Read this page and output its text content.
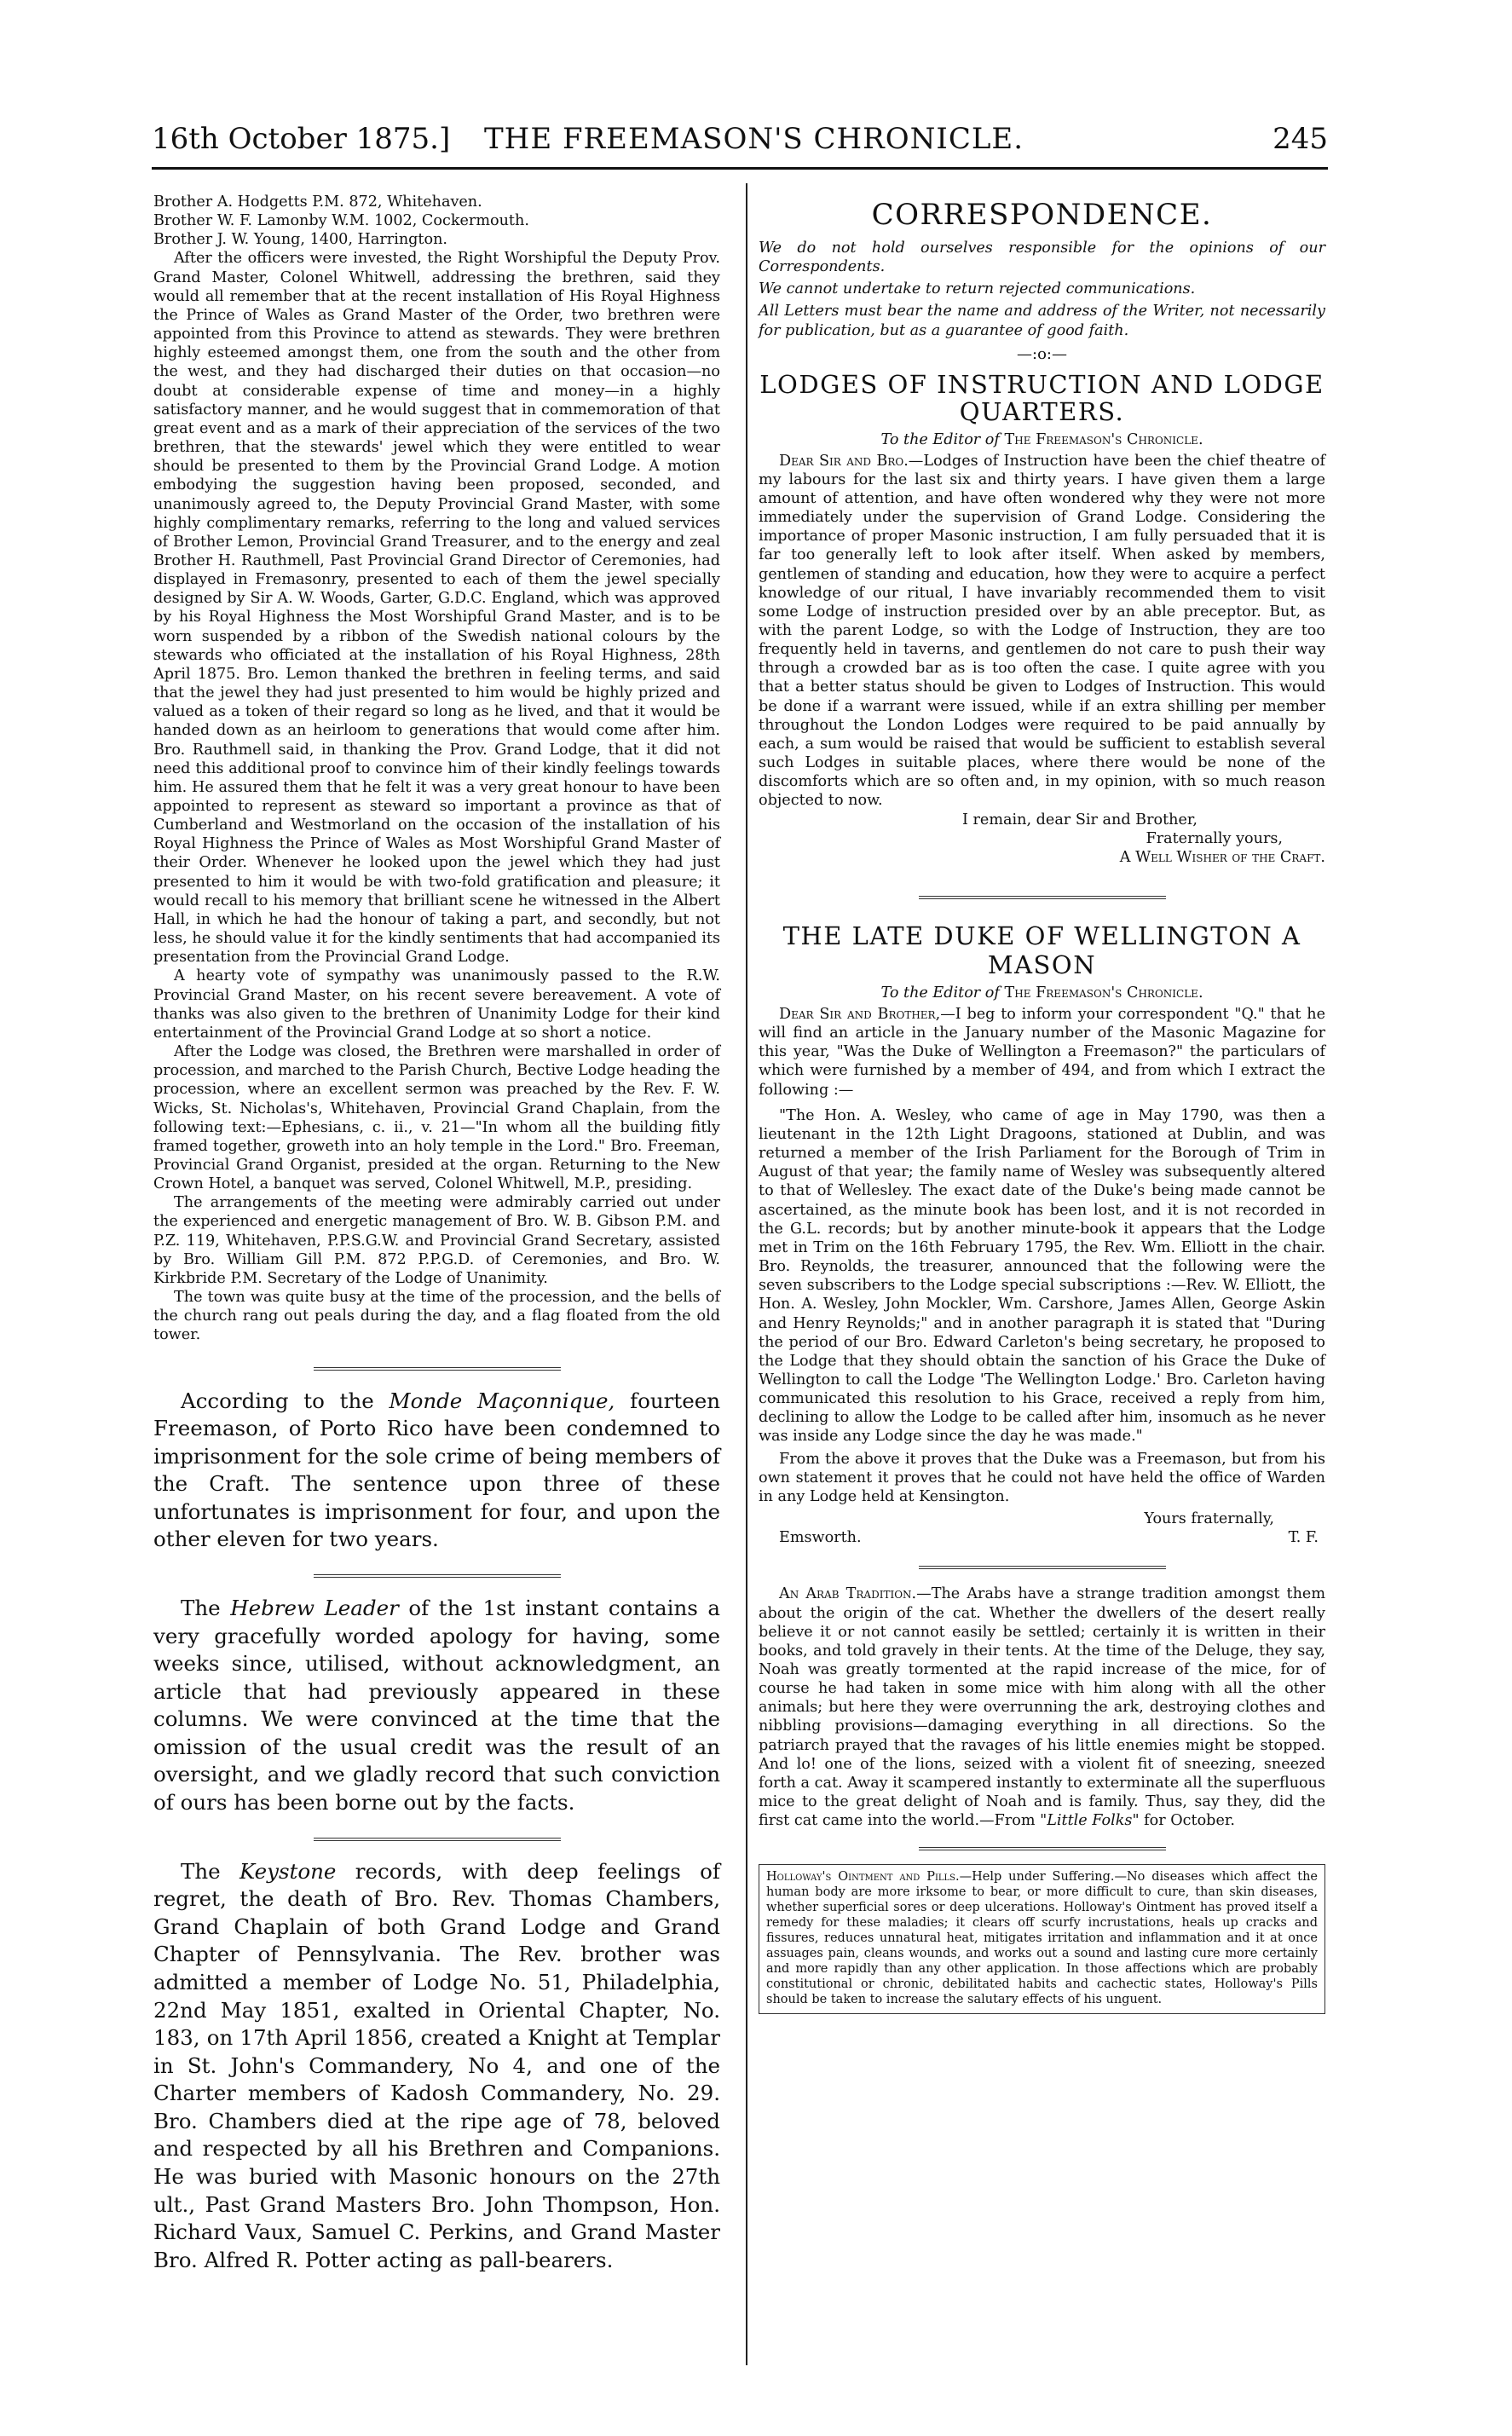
16th October 1875.] THE FREEMASON'S CHRONICLE.	245

Brother A. Hodgetts P.M. 872, Whitehaven.

Brother W. F. Lamonby W.M. 1002, Cockermouth.

Brother J. W. Young, 1400, Harrington.

After the officers were invested, the Right Worshipful the Deputy Prov. Grand Master, Colonel Whitwell, addressing the brethren, said they would all remember that at the recent installation of His Royal Highness the Prince of Wales as Grand Master of the Order, two brethren were appointed from this Province to attend as stewards. They were brethren highly esteemed amongst them, one from the south and the other from the west, and they had discharged their duties on that occasion—no doubt at considerable expense of time and money—in a highly satisfactory manner, and he would suggest that in commemoration of that great event and as a mark of their appreciation of the services of the two brethren, that the stewards' jewel which they were entitled to wear should be presented to them by the Provincial Grand Lodge. A motion embodying the suggestion having been proposed, seconded, and unanimously agreed to, the Deputy Provincial Grand Master, with some highly complimentary remarks, referring to the long and valued services of Brother Lemon, Provincial Grand Treasurer, and to the energy and zeal Brother H. Rauthmell, Past Provincial Grand Director of Ceremonies, had displayed in Fremasonry, presented to each of them the jewel specially designed by Sir A. W. Woods, Garter, G.D.C. England, which was approved by his Royal Highness the Most Worshipful Grand Master, and is to be worn suspended by a ribbon of the Swedish national colours by the stewards who officiated at the installation of his Royal Highness, 28th April 1875. Bro. Lemon thanked the brethren in feeling terms, and said that the jewel they had just presented to him would be highly prized and valued as a token of their regard so long as he lived, and that it would be handed down as an heirloom to generations that would come after him. Bro. Rauthmell said, in thanking the Prov. Grand Lodge, that it did not need this additional proof to convince him of their kindly feelings towards him. He assured them that he felt it was a very great honour to have been appointed to represent as steward so important a province as that of Cumberland and Westmorland on the occasion of the installation of his Royal Highness the Prince of Wales as Most Worshipful Grand Master of their Order. Whenever he looked upon the jewel which they had just presented to him it would be with two-fold gratification and pleasure; it would recall to his memory that brilliant scene he witnessed in the Albert Hall, in which he had the honour of taking a part, and secondly, but not less, he should value it for the kindly sentiments that had accompanied its presentation from the Provincial Grand Lodge.

A hearty vote of sympathy was unanimously passed to the R.W. Provincial Grand Master, on his recent severe bereavement. A vote of thanks was also given to the brethren of Unanimity Lodge for their kind entertainment of the Provincial Grand Lodge at so short a notice.

After the Lodge was closed, the Brethren were marshalled in order of procession, and marched to the Parish Church, Bective Lodge heading the procession, where an excellent sermon was preached by the Rev. F. W. Wicks, St. Nicholas's, Whitehaven, Provincial Grand Chaplain, from the following text:—Ephesians, c. ii., v. 21—"In whom all the building fitly framed together, groweth into an holy temple in the Lord." Bro. Freeman, Provincial Grand Organist, presided at the organ. Returning to the New Crown Hotel, a banquet was served, Colonel Whitwell, M.P., presiding.

The arrangements of the meeting were admirably carried out under the experienced and energetic management of Bro. W. B. Gibson P.M. and P.Z. 119, Whitehaven, P.P.S.G.W. and Provincial Grand Secretary, assisted by Bro. William Gill P.M. 872 P.P.G.D. of Ceremonies, and Bro. W. Kirkbride P.M. Secretary of the Lodge of Unanimity.

The town was quite busy at the time of the procession, and the bells of the church rang out peals during the day, and a flag floated from the old tower.

According to the Monde Maçonnique, fourteen Freemason, of Porto Rico have been condemned to imprisonment for the sole crime of being members of the Craft. The sentence upon three of these unfortunates is imprisonment for four, and upon the other eleven for two years.

The Hebrew Leader of the 1st instant contains a very gracefully worded apology for having, some weeks since, utilised, without acknowledgment, an article that had previously appeared in these columns. We were convinced at the time that the omission of the usual credit was the result of an oversight, and we gladly record that such conviction of ours has been borne out by the facts.

The Keystone records, with deep feelings of regret, the death of Bro. Rev. Thomas Chambers, Grand Chaplain of both Grand Lodge and Grand Chapter of Pennsylvania. The Rev. brother was admitted a member of Lodge No. 51, Philadelphia, 22nd May 1851, exalted in Oriental Chapter, No. 183, on 17th April 1856, created a Knight at Templar in St. John's Commandery, No 4, and one of the Charter members of Kadosh Commandery, No. 29. Bro. Chambers died at the ripe age of 78, beloved and respected by all his Brethren and Companions. He was buried with Masonic honours on the 27th ult., Past Grand Masters Bro. John Thompson, Hon. Richard Vaux, Samuel C. Perkins, and Grand Master Bro. Alfred R. Potter acting as pall-bearers.

CORRESPONDENCE.

We do not hold ourselves responsible for the opinions of our Correspondents.

We cannot undertake to return rejected communications.

All Letters must bear the name and address of the Writer, not necessarily for publication, but as a guarantee of good faith.

—:o:—
LODGES OF INSTRUCTION AND LODGE QUARTERS.
To the Editor of The Freemason's Chronicle.

Dear Sir and Bro.—Lodges of Instruction have been the chief theatre of my labours for the last six and thirty years. I have given them a large amount of attention, and have often wondered why they were not more immediately under the supervision of Grand Lodge. Considering the importance of proper Masonic instruction, I am fully persuaded that it is far too generally left to look after itself. When asked by members, gentlemen of standing and education, how they were to acquire a perfect knowledge of our ritual, I have invariably recommended them to visit some Lodge of instruction presided over by an able preceptor. But, as with the parent Lodge, so with the Lodge of Instruction, they are too frequently held in taverns, and gentlemen do not care to push their way through a crowded bar as is too often the case. I quite agree with you that a better status should be given to Lodges of Instruction. This would be done if a warrant were issued, while if an extra shilling per member throughout the London Lodges were required to be paid annually by each, a sum would be raised that would be sufficient to establish several such Lodges in suitable places, where there would be none of the discomforts which are so often and, in my opinion, with so much reason objected to now.

I remain, dear Sir and Brother,

Fraternally yours,

A Well Wisher of the Craft.

THE LATE DUKE OF WELLINGTON A MASON
To the Editor of The Freemason's Chronicle.

Dear Sir and Brother,—I beg to inform your correspondent "Q." that he will find an article in the January number of the Masonic Magazine for this year, "Was the Duke of Wellington a Freemason?" the particulars of which were furnished by a member of 494, and from which I extract the following :—

"The Hon. A. Wesley, who came of age in May 1790, was then a lieutenant in the 12th Light Dragoons, stationed at Dublin, and was returned a member of the Irish Parliament for the Borough of Trim in August of that year; the family name of Wesley was subsequently altered to that of Wellesley. The exact date of the Duke's being made cannot be ascertained, as the minute book has been lost, and it is not recorded in the G.L. records; but by another minute-book it appears that the Lodge met in Trim on the 16th February 1795, the Rev. Wm. Elliott in the chair. Bro. Reynolds, the treasurer, announced that the following were the seven subscribers to the Lodge special subscriptions :—Rev. W. Elliott, the Hon. A. Wesley, John Mockler, Wm. Carshore, James Allen, George Askin and Henry Reynolds;" and in another paragraph it is stated that "During the period of our Bro. Edward Carleton's being secretary, he proposed to the Lodge that they should obtain the sanction of his Grace the Duke of Wellington to call the Lodge 'The Wellington Lodge.' Bro. Carleton having communicated this resolution to his Grace, received a reply from him, declining to allow the Lodge to be called after him, insomuch as he never was inside any Lodge since the day he was made."

From the above it proves that the Duke was a Freemason, but from his own statement it proves that he could not have held the office of Warden in any Lodge held at Kensington.

Yours fraternally,

Emsworth.	T. F.

An Arab Tradition.—The Arabs have a strange tradition amongst them about the origin of the cat. Whether the dwellers of the desert really believe it or not cannot easily be settled; certainly it is written in their books, and told gravely in their tents. At the time of the Deluge, they say, Noah was greatly tormented at the rapid increase of the mice, for of course he had taken in some mice with him along with all the other animals; but here they were overrunning the ark, destroying clothes and nibbling provisions—damaging everything in all directions. So the patriarch prayed that the ravages of his little enemies might be stopped. And lo! one of the lions, seized with a violent fit of sneezing, sneezed forth a cat. Away it scampered instantly to exterminate all the superfluous mice to the great delight of Noah and is family. Thus, say they, did the first cat came into the world.—From "Little Folks" for October.

Holloway's Ointment and Pills.—Help under Suffering.—No diseases which affect the human body are more irksome to bear, or more difficult to cure, than skin diseases, whether superficial sores or deep ulcerations. Holloway's Ointment has proved itself a remedy for these maladies; it clears off scurfy incrustations, heals up cracks and fissures, reduces unnatural heat, mitigates irritation and inflammation and it at once assuages pain, cleans wounds, and works out a sound and lasting cure more certainly and more rapidly than any other application. In those affections which are probably constitutional or chronic, debilitated habits and cachectic states, Holloway's Pills should be taken to increase the salutary effects of his unguent.
